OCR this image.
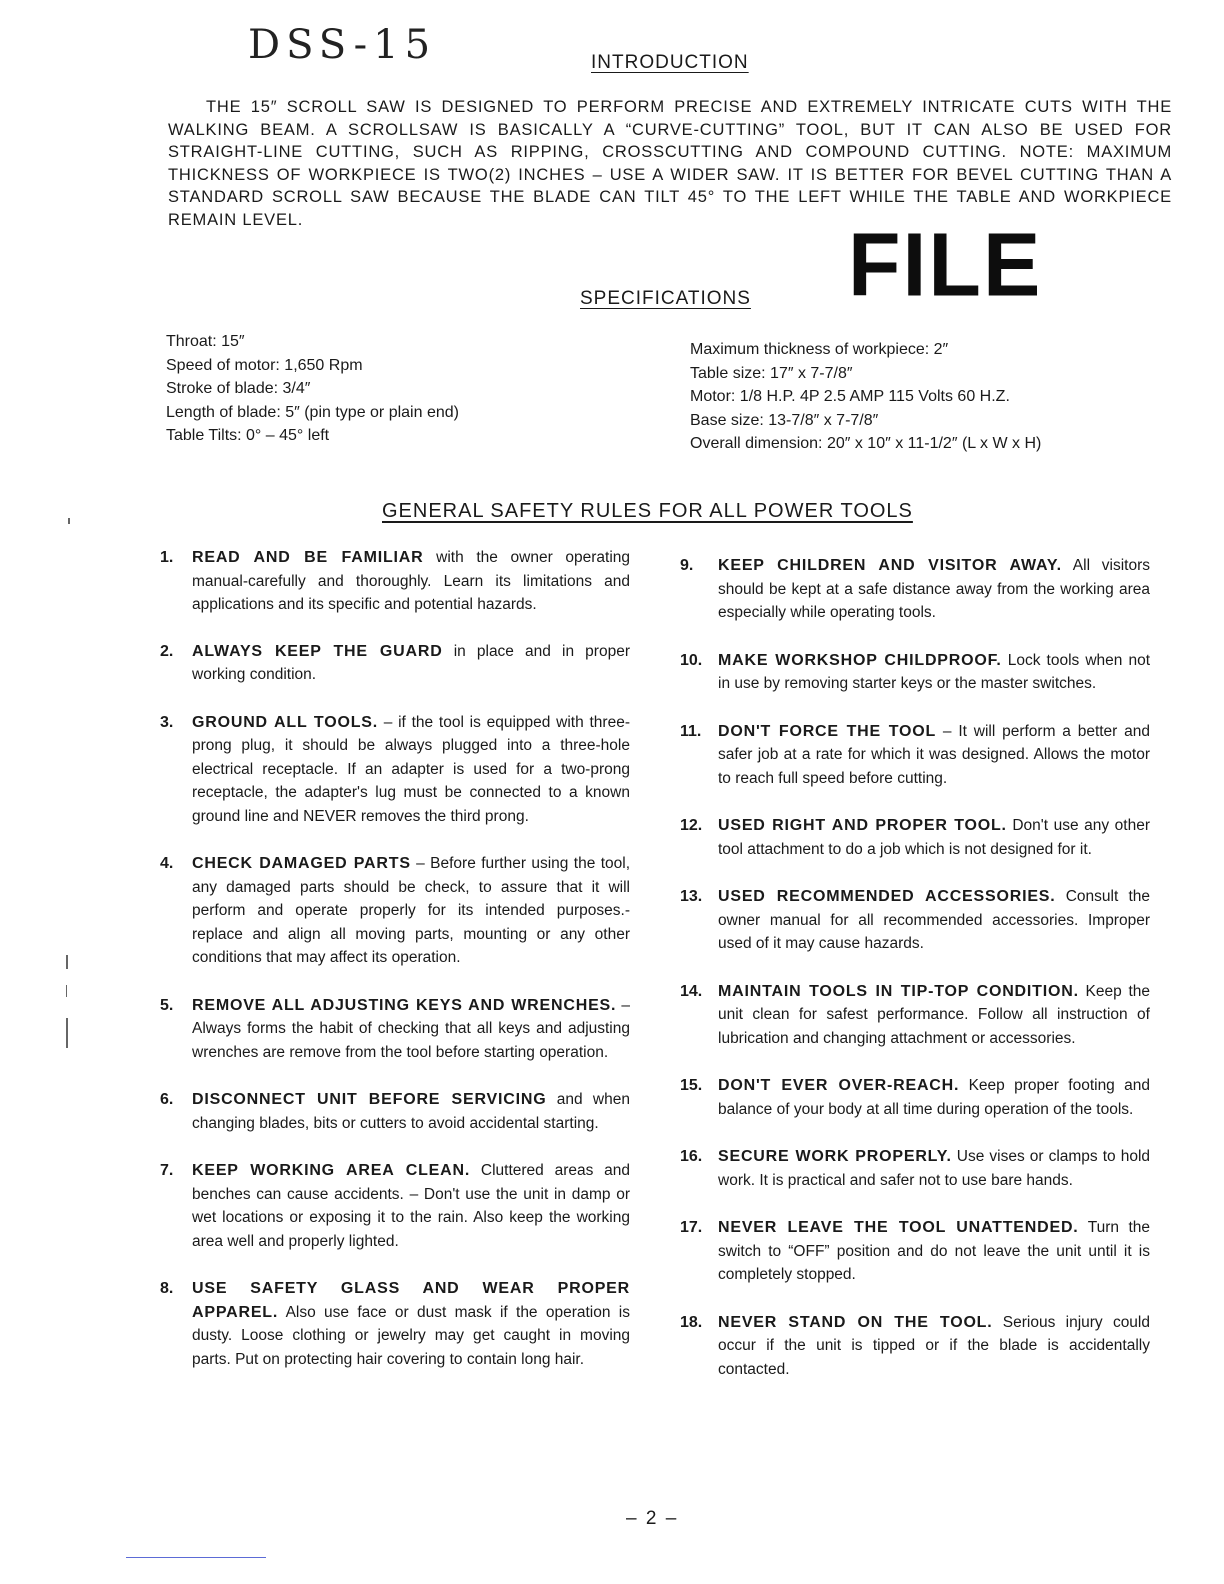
DSS-15	INTRODUCTION
THE 15″ SCROLL SAW IS DESIGNED TO PERFORM PRECISE AND EXTREMELY INTRICATE CUTS WITH THE WALKING BEAM. A SCROLLSAW IS BASICALLY A “CURVE-CUTTING” TOOL, BUT IT CAN ALSO BE USED FOR STRAIGHT-LINE CUTTING, SUCH AS RIPPING, CROSSCUTTING AND COMPOUND CUTTING. NOTE: MAXIMUM THICKNESS OF WORKPIECE IS TWO(2) INCHES – USE A WIDER SAW. IT IS BETTER FOR BEVEL CUTTING THAN A STANDARD SCROLL SAW BECAUSE THE BLADE CAN TILT 45° TO THE LEFT WHILE THE TABLE AND WORKPIECE REMAIN LEVEL.	FILE
SPECIFICATIONS
Throat: 15″
Speed of motor: 1,650 Rpm
Stroke of blade: 3/4″
Length of blade: 5″ (pin type or plain end)
Table Tilts: 0° – 45° left
Maximum thickness of workpiece: 2″
Table size: 17″ x 7-7/8″
Motor: 1/8 H.P. 4P 2.5 AMP 115 Volts 60 H.Z.
Base size: 13-7/8″ x 7-7/8″
Overall dimension: 20″ x 10″ x 11-1/2″ (L x W x H)
GENERAL SAFETY RULES FOR ALL POWER TOOLS
1. READ AND BE FAMILIAR with the owner operating manual-carefully and thoroughly. Learn its limitations and applications and its specific and potential hazards.
2. ALWAYS KEEP THE GUARD in place and in proper working condition.
3. GROUND ALL TOOLS. – if the tool is equipped with three-prong plug, it should be always plugged into a three-hole electrical receptacle. If an adapter is used for a two-prong receptacle, the adapter's lug must be connected to a known ground line and NEVER removes the third prong.
4. CHECK DAMAGED PARTS – Before further using the tool, any damaged parts should be check, to assure that it will perform and operate properly for its intended purposes.- replace and align all moving parts, mounting or any other conditions that may affect its operation.
5. REMOVE ALL ADJUSTING KEYS AND WRENCHES. – Always forms the habit of checking that all keys and adjusting wrenches are remove from the tool before starting operation.
6. DISCONNECT UNIT BEFORE SERVICING and when changing blades, bits or cutters to avoid accidental starting.
7. KEEP WORKING AREA CLEAN. Cluttered areas and benches can cause accidents. – Don't use the unit in damp or wet locations or exposing it to the rain. Also keep the working area well and properly lighted.
8. USE SAFETY GLASS AND WEAR PROPER APPAREL. Also use face or dust mask if the operation is dusty. Loose clothing or jewelry may get caught in moving parts. Put on protecting hair covering to contain long hair.
9. KEEP CHILDREN AND VISITOR AWAY. All visitors should be kept at a safe distance away from the working area especially while operating tools.
10. MAKE WORKSHOP CHILDPROOF. Lock tools when not in use by removing starter keys or the master switches.
11. DON'T FORCE THE TOOL – It will perform a better and safer job at a rate for which it was designed. Allows the motor to reach full speed before cutting.
12. USED RIGHT AND PROPER TOOL. Don't use any other tool attachment to do a job which is not designed for it.
13. USED RECOMMENDED ACCESSORIES. Consult the owner manual for all recommended accessories. Improper used of it may cause hazards.
14. MAINTAIN TOOLS IN TIP-TOP CONDITION. Keep the unit clean for safest performance. Follow all instruction of lubrication and changing attachment or accessories.
15. DON'T EVER OVER-REACH. Keep proper footing and balance of your body at all time during operation of the tools.
16. SECURE WORK PROPERLY. Use vises or clamps to hold work. It is practical and safer not to use bare hands.
17. NEVER LEAVE THE TOOL UNATTENDED. Turn the switch to “OFF” position and do not leave the unit until it is completely stopped.
18. NEVER STAND ON THE TOOL. Serious injury could occur if the unit is tipped or if the blade is accidentally contacted.
– 2 –
